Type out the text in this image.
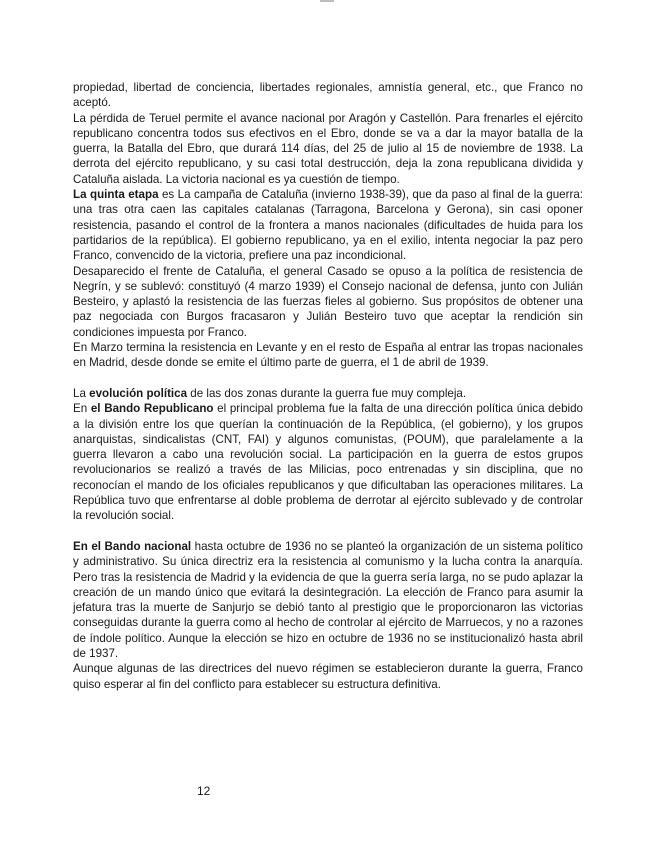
propiedad, libertad de conciencia, libertades regionales, amnistía general, etc., que Franco no aceptó.

La pérdida de Teruel permite el avance nacional por Aragón y Castellón. Para frenarles el ejército republicano concentra todos sus efectivos en el Ebro, donde se va a dar la mayor batalla de la guerra, la Batalla del Ebro, que durará 114 días, del 25 de julio al 15 de noviembre de 1938. La derrota del ejército republicano, y su casi total destrucción, deja la zona republicana dividida y Cataluña aislada. La victoria nacional es ya cuestión de tiempo.

La quinta etapa es La campaña de Cataluña (invierno 1938-39), que da paso al final de la guerra: una tras otra caen las capitales catalanas (Tarragona, Barcelona y Gerona), sin casi oponer resistencia, pasando el control de la frontera a manos nacionales (dificultades de huida para los partidarios de la república). El gobierno republicano, ya en el exilio, intenta negociar la paz pero Franco, convencido de la victoria, prefiere una paz incondicional.

Desaparecido el frente de Cataluña, el general Casado se opuso a la política de resistencia de Negrín, y se sublevó: constituyó (4 marzo 1939) el Consejo nacional de defensa, junto con Julián Besteiro, y aplastó la resistencia de las fuerzas fieles al gobierno. Sus propósitos de obtener una paz negociada con Burgos fracasaron y Julián Besteiro tuvo que aceptar la rendición sin condiciones impuesta por Franco.

En Marzo termina la resistencia en Levante y en el resto de España al entrar las tropas nacionales en Madrid, desde donde se emite el último parte de guerra, el 1 de abril de 1939.

La evolución política de las dos zonas durante la guerra fue muy compleja.

En el Bando Republicano el principal problema fue la falta de una dirección política única debido a la división entre los que querían la continuación de la República, (el gobierno), y los grupos anarquistas, sindicalistas (CNT, FAI) y algunos comunistas, (POUM), que paralelamente a la guerra llevaron a cabo una revolución social. La participación en la guerra de estos grupos revolucionarios se realizó a través de las Milicias, poco entrenadas y sin disciplina, que no reconocían el mando de los oficiales republicanos y que dificultaban las operaciones militares. La República tuvo que enfrentarse al doble problema de derrotar al ejército sublevado y de controlar la revolución social.

En el Bando nacional hasta octubre de 1936 no se planteó la organización de un sistema político y administrativo. Su única directriz era la resistencia al comunismo y la lucha contra la anarquía. Pero tras la resistencia de Madrid y la evidencia de que la guerra sería larga, no se pudo aplazar la creación de un mando único que evitará la desintegración. La elección de Franco para asumir la jefatura tras la muerte de Sanjurjo se debió tanto al prestigio que le proporcionaron las victorias conseguidas durante la guerra como al hecho de controlar al ejército de Marruecos, y no a razones de índole político. Aunque la elección se hizo en octubre de 1936 no se institucionalizó hasta abril de 1937.

Aunque algunas de las directrices del nuevo régimen se establecieron durante la guerra, Franco quiso esperar al fin del conflicto para establecer su estructura definitiva.

12
